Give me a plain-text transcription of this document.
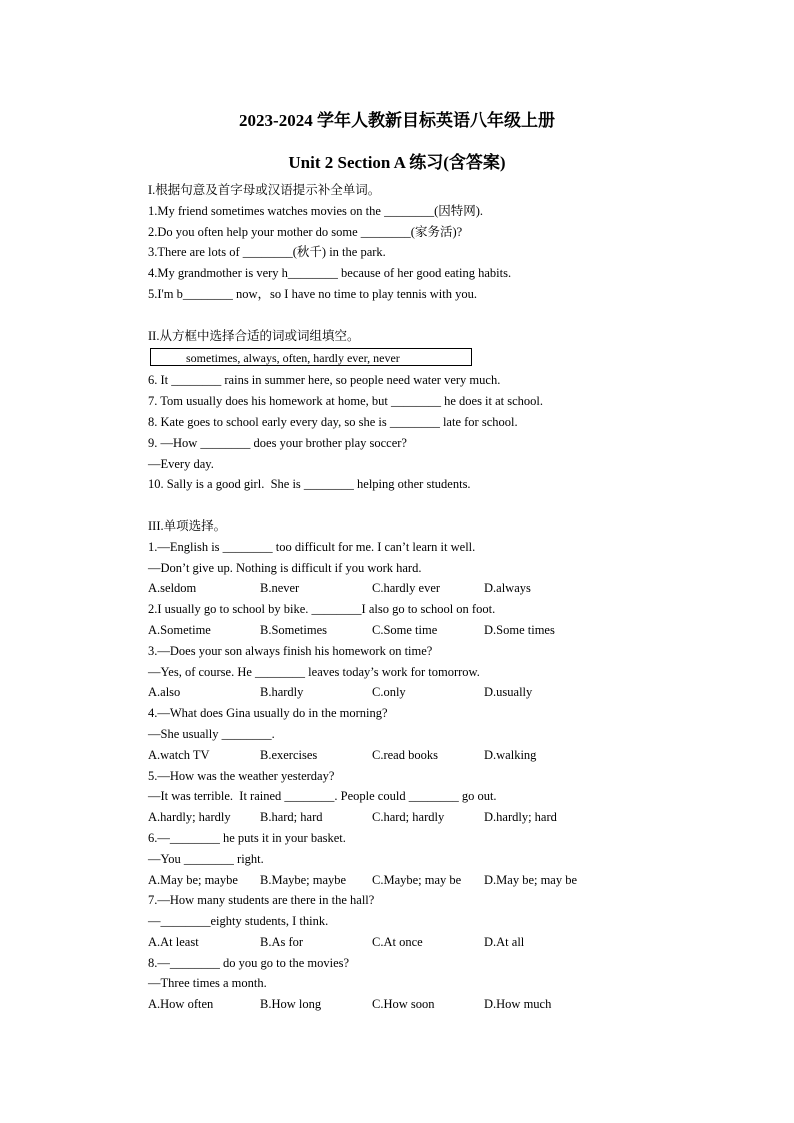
2023-2024 学年人教新目标英语八年级上册
Unit 2 Section A 练习(含答案)
I.根据句意及首字母或汉语提示补全单词。
1.My friend sometimes watches movies on the ________(因特网).
2.Do you often help your mother do some ________(家务活)?
3.There are lots of ________(秋千) in the park.
4.My grandmother is very h________ because of her good eating habits.
5.I'm b________ now，so I have no time to play tennis with you.
II.从方框中选择合适的词或词组填空。
sometimes, always, often, hardly ever, never
6. It ________ rains in summer here, so people need water very much.
7. Tom usually does his homework at home, but ________ he does it at school.
8. Kate goes to school early every day, so she is ________ late for school.
9. —How ________ does your brother play soccer?
—Every day.
10. Sally is a good girl.  She is ________ helping other students.
III.单项选择。
1.—English is ________ too difficult for me. I can’t learn it well.
—Don’t give up. Nothing is difficult if you work hard.
A.seldom	B.never	C.hardly ever	D.always
2.I usually go to school by bike. ________I also go to school on foot.
A.Sometime	B.Sometimes	C.Some time	D.Some times
3.—Does your son always finish his homework on time?
—Yes, of course. He ________ leaves today’s work for tomorrow.
A.also	B.hardly	C.only	D.usually
4.—What does Gina usually do in the morning?
—She usually ________.
A.watch TV	B.exercises	C.read books	D.walking
5.—How was the weather yesterday?
—It was terrible.  It rained ________. People could ________ go out.
A.hardly; hardly	B.hard; hard	C.hard; hardly	D.hardly; hard
6.—________ he puts it in your basket.
—You ________ right.
A.May be; maybe	B.Maybe; maybe	C.Maybe; may be	D.May be; may be
7.—How many students are there in the hall?
—________eighty students, I think.
A.At least	B.As for	C.At once	D.At all
8.—________ do you go to the movies?
—Three times a month.
A.How often	B.How long	C.How soon	D.How much
